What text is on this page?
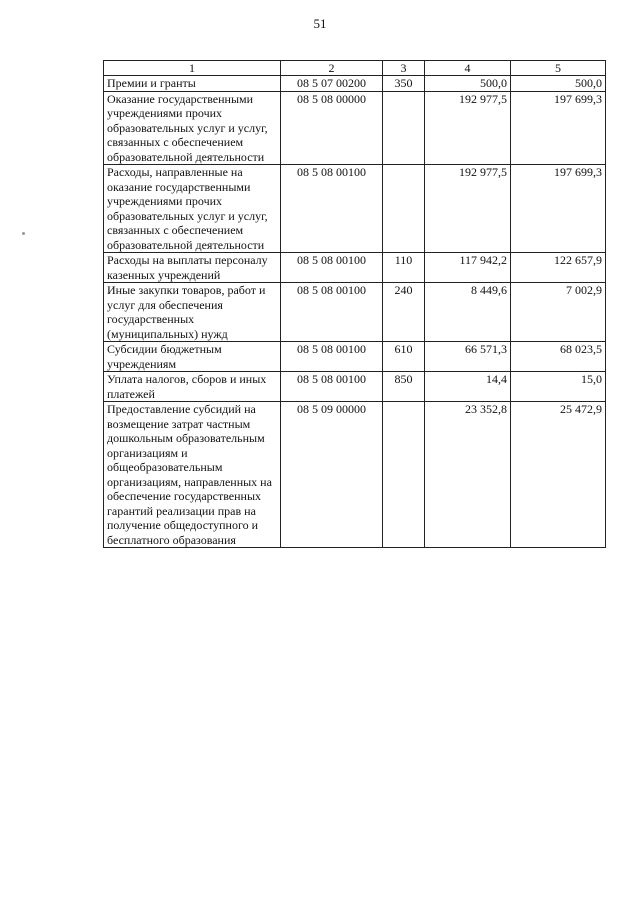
51
1	2	3	4	5
Премии и гранты	08 5 07 00200	350	500,0	500,0
Оказание государственными учреждениями прочих образовательных услуг и услуг, связанных с обеспечением образовательной деятельности	08 5 08 00000		192 977,5	197 699,3
Расходы, направленные на оказание государственными учреждениями прочих образовательных услуг и услуг, связанных с обеспечением образовательной деятельности	08 5 08 00100		192 977,5	197 699,3
Расходы на выплаты персоналу казенных учреждений	08 5 08 00100	110	117 942,2	122 657,9
Иные закупки товаров, работ и услуг для обеспечения государственных (муниципальных) нужд	08 5 08 00100	240	8 449,6	7 002,9
Субсидии бюджетным учреждениям	08 5 08 00100	610	66 571,3	68 023,5
Уплата налогов, сборов и иных платежей	08 5 08 00100	850	14,4	15,0
Предоставление субсидий на возмещение затрат частным дошкольным образовательным организациям и общеобразовательным организациям, направленных на обеспечение государственных гарантий реализации прав на получение общедоступного и бесплатного образования	08 5 09 00000		23 352,8	25 472,9
